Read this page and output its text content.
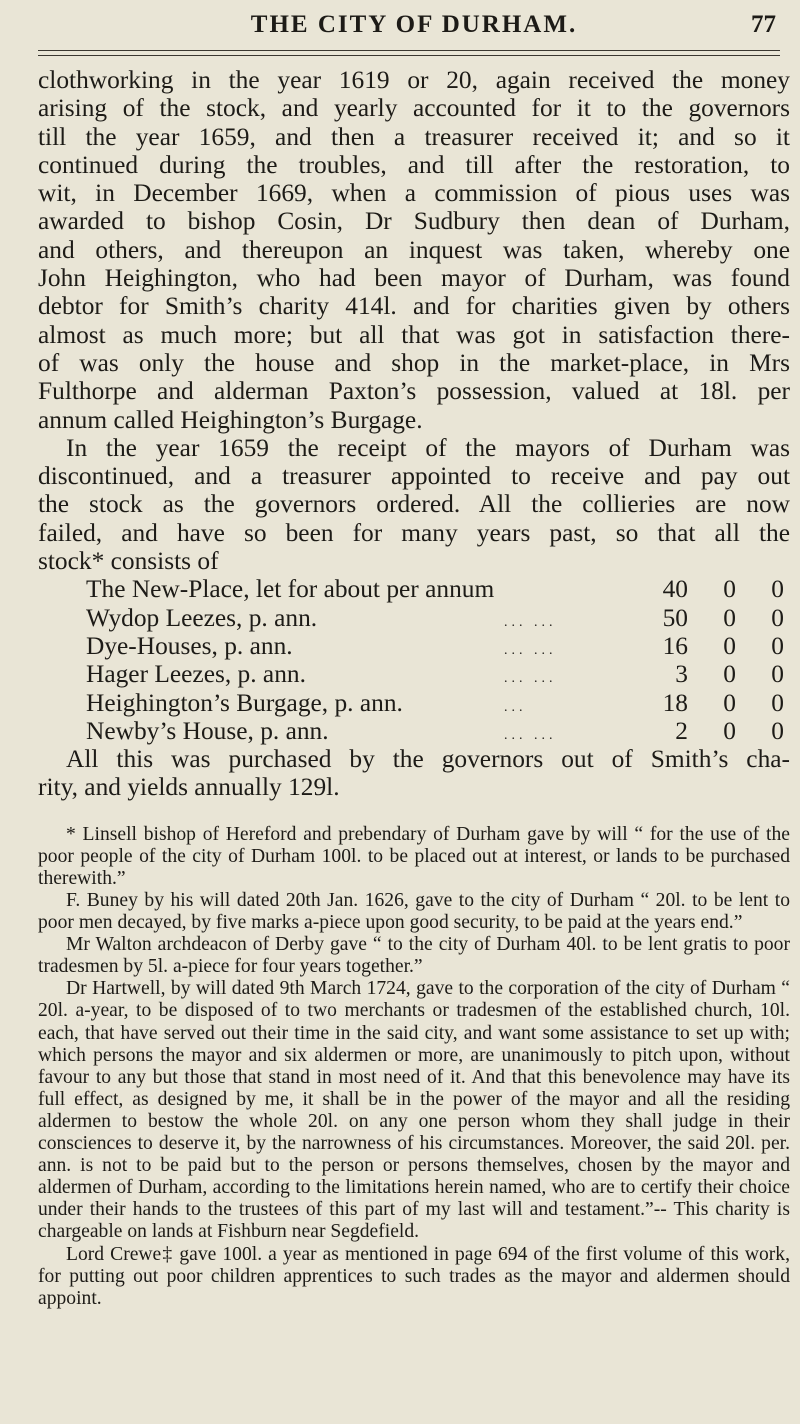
THE CITY OF DURHAM.	77

clothworking in the year 1619 or 20, again received the money
arising of the stock, and yearly accounted for it to the governors
till the year 1659, and then a treasurer received it; and so it
continued during the troubles, and till after the restoration, to
wit, in December 1669, when a commission of pious uses was
awarded to bishop Cosin, Dr Sudbury then dean of Durham,
and others, and thereupon an inquest was taken, whereby one
John Heighington, who had been mayor of Durham, was found
debtor for Smith’s charity 414l. and for charities given by others
almost as much more; but all that was got in satisfaction there-
of was only the house and shop in the market-place, in Mrs
Fulthorpe and alderman Paxton’s possession, valued at 18l. per
annum called Heighington’s Burgage.

In the year 1659 the receipt of the mayors of Durham was
discontinued, and a treasurer appointed to receive and pay out
the stock as the governors ordered. All the collieries are now
failed, and have so been for many years past, so that all the
stock* consists of

The New-Place, let for about per annum	40	0	0
Wydop Leezes, p. ann.	... ...	50	0	0
Dye-Houses, p. ann.	... ...	16	0	0
Hager Leezes, p. ann.	... ...	3	0	0
Heighington’s Burgage, p. ann.	...	18	0	0
Newby’s House, p. ann.	... ...	2	0	0

All this was purchased by the governors out of Smith’s cha-
rity, and yields annually 129l.

* Linsell bishop of Hereford and prebendary of Durham gave by will “ for the use of the poor people of the city of Durham 100l. to be placed out at interest, or lands to be purchased therewith.”

F. Buney by his will dated 20th Jan. 1626, gave to the city of Durham “ 20l. to be lent to poor men decayed, by five marks a-piece upon good security, to be paid at the years end.”

Mr Walton archdeacon of Derby gave “ to the city of Durham 40l. to be lent gratis to poor tradesmen by 5l. a-piece for four years together.”

Dr Hartwell, by will dated 9th March 1724, gave to the corporation of the city of Durham “ 20l. a-year, to be disposed of to two merchants or tradesmen of the established church, 10l. each, that have served out their time in the said city, and want some assistance to set up with; which persons the mayor and six aldermen or more, are unanimously to pitch upon, without favour to any but those that stand in most need of it. And that this benevolence may have its full effect, as designed by me, it shall be in the power of the mayor and all the residing aldermen to bestow the whole 20l. on any one person whom they shall judge in their consciences to deserve it, by the narrowness of his circumstances. Moreover, the said 20l. per. ann. is not to be paid but to the person or persons themselves, chosen by the mayor and aldermen of Durham, according to the limitations herein named, who are to certify their choice under their hands to the trustees of this part of my last will and testament.”-- This charity is chargeable on lands at Fishburn near Segdefield.

Lord Crewe‡ gave 100l. a year as mentioned in page 694 of the first volume of this work, for putting out poor children apprentices to such trades as the mayor and aldermen should appoint.
